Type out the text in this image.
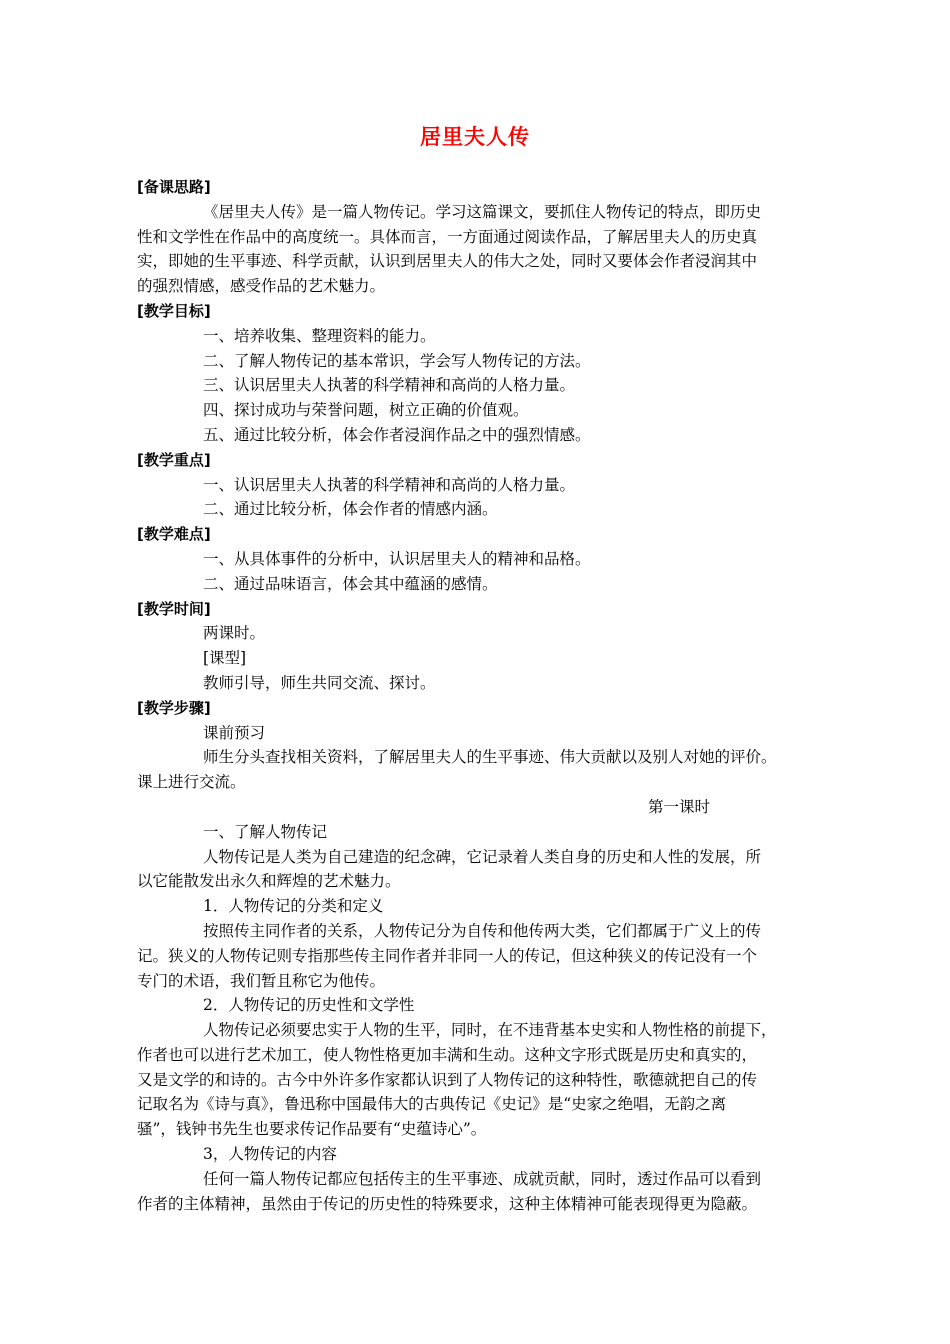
居里夫人传
[备课思路]
《居里夫人传》是一篇人物传记。学习这篇课文，要抓住人物传记的特点，即历史
性和文学性在作品中的高度统一。具体而言，一方面通过阅读作品，了解居里夫人的历史真
实，即她的生平事迹、科学贡献，认识到居里夫人的伟大之处，同时又要体会作者浸润其中
的强烈情感，感受作品的艺术魅力。
[教学目标]
一、培养收集、整理资料的能力。
二、了解人物传记的基本常识，学会写人物传记的方法。
三、认识居里夫人执著的科学精神和高尚的人格力量。
四、探讨成功与荣誉问题，树立正确的价值观。
五、通过比较分析，体会作者浸润作品之中的强烈情感。
[教学重点]
一、认识居里夫人执著的科学精神和高尚的人格力量。
二、通过比较分析，体会作者的情感内涵。
[教学难点]
一、从具体事件的分析中，认识居里夫人的精神和品格。
二、通过品味语言，体会其中蕴涵的感情。
[教学时间]
两课时。
[课型]
教师引导，师生共同交流、探讨。
[教学步骤]
课前预习
师生分头查找相关资料，了解居里夫人的生平事迹、伟大贡献以及别人对她的评价。
课上进行交流。
第一课时
一、了解人物传记
人物传记是人类为自己建造的纪念碑，它记录着人类自身的历史和人性的发展，所
以它能散发出永久和辉煌的艺术魅力。
1．人物传记的分类和定义
按照传主同作者的关系，人物传记分为自传和他传两大类，它们都属于广义上的传
记。狭义的人物传记则专指那些传主同作者并非同一人的传记，但这种狭义的传记没有一个
专门的术语，我们暂且称它为他传。
2．人物传记的历史性和文学性
人物传记必须要忠实于人物的生平，同时，在不违背基本史实和人物性格的前提下，
作者也可以进行艺术加工，使人物性格更加丰满和生动。这种文字形式既是历史和真实的，
又是文学的和诗的。古今中外许多作家都认识到了人物传记的这种特性，歌德就把自己的传
记取名为《诗与真》，鲁迅称中国最伟大的古典传记《史记》是“史家之绝唱，无韵之离
骚”，钱钟书先生也要求传记作品要有“史蕴诗心”。
3，人物传记的内容
任何一篇人物传记都应包括传主的生平事迹、成就贡献，同时，透过作品可以看到
作者的主体精神，虽然由于传记的历史性的特殊要求，这种主体精神可能表现得更为隐蔽。
